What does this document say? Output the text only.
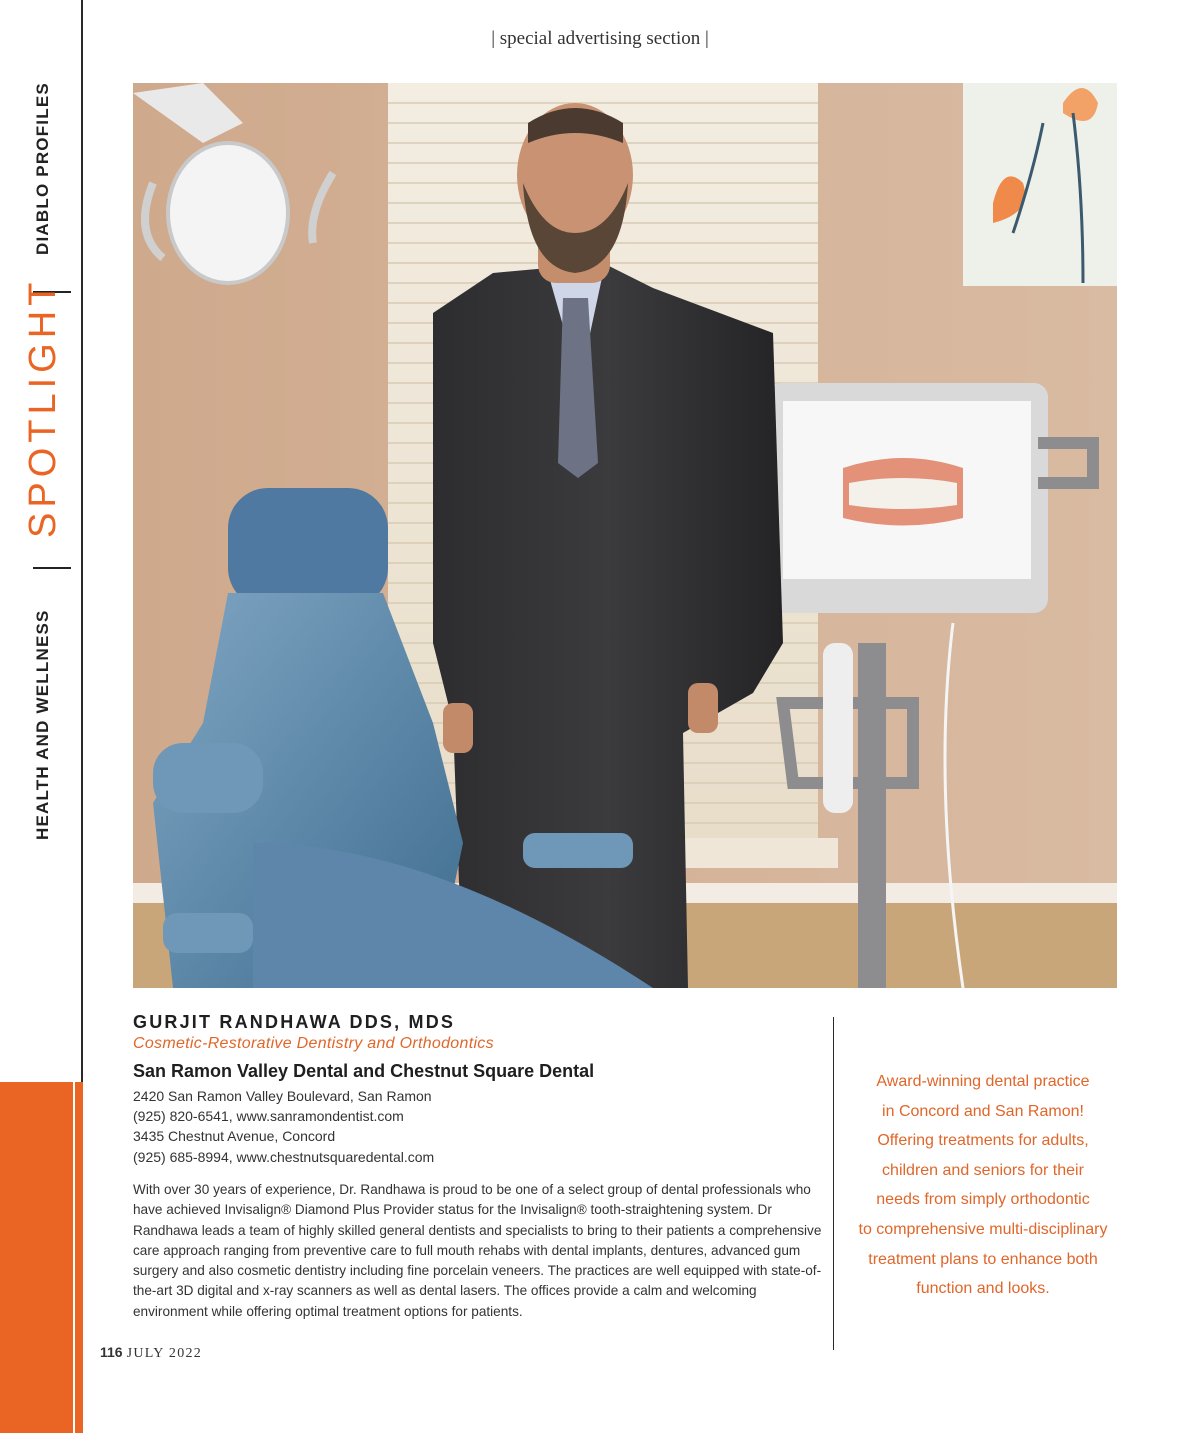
DIABLO PROFILES
SPOTLIGHT
HEALTH AND WELLNESS
| special advertising section |
GURJIT RANDHAWA DDS, MDS
Cosmetic-Restorative Dentistry and Orthodontics
San Ramon Valley Dental and Chestnut Square Dental
2420 San Ramon Valley Boulevard, San Ramon
(925) 820-6541, www.sanramondentist.com
3435 Chestnut Avenue, Concord
(925) 685-8994, www.chestnutsquaredental.com
With over 30 years of experience, Dr. Randhawa is proud to be one of a select group of dental professionals who have achieved Invisalign® Diamond Plus Provider status for the Invisalign® tooth-straightening system. Dr Randhawa leads a team of highly skilled general dentists and specialists to bring to their patients a comprehensive care approach ranging from preventive care to full mouth rehabs with dental implants, dentures, advanced gum surgery and also cosmetic dentistry including fine porcelain veneers. The practices are well equipped with state-of-the-art 3D digital and x-ray scanners as well as dental lasers. The offices provide a calm and welcoming environment while offering optimal treatment options for patients.
Award-winning dental practice
in Concord and San Ramon!
Offering treatments for adults,
children and seniors for their
needs from simply orthodontic
to comprehensive multi-disciplinary
treatment plans to enhance both
function and looks.
116 JULY 2022
